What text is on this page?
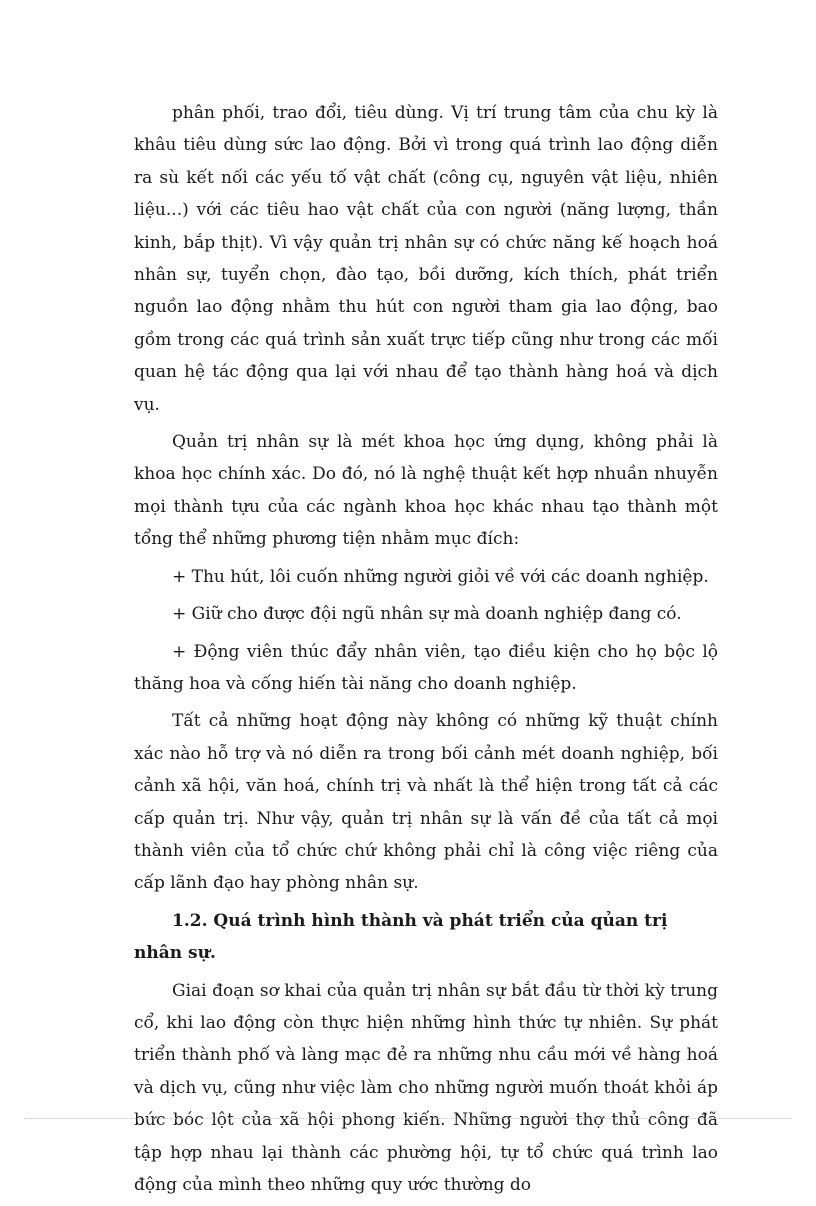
phân phối, trao đổi, tiêu dùng. Vị trí trung tâm của chu kỳ là khâu tiêu dùng sức lao động. Bởi vì trong quá trình lao động diễn ra sù kết nối các yếu tố vật chất (công cụ, nguyên vật liệu, nhiên liệu...) với các tiêu hao vật chất của con người (năng lượng, thần kinh, bắp thịt). Vì vậy quản trị nhân sự có chức năng kế hoạch hoá nhân sự, tuyển chọn, đào tạo, bồi dưỡng, kích thích, phát triển nguồn lao động nhằm thu hút con người tham gia lao động, bao gồm trong các quá trình sản xuất trực tiếp cũng như trong các mối quan hệ tác động qua lại với nhau để tạo thành hàng hoá và dịch vụ.

Quản trị nhân sự là mét khoa học ứng dụng, không phải là khoa học chính xác. Do đó, nó là nghệ thuật kết hợp nhuần nhuyễn mọi thành tựu của các ngành khoa học khác nhau tạo thành một tổng thể những phương tiện nhằm mục đích:

+ Thu hút, lôi cuốn những người giỏi về với các doanh nghiệp.

+ Giữ cho được đội ngũ nhân sự mà doanh nghiệp đang có.

+ Động viên thúc đẩy nhân viên, tạo điều kiện cho họ bộc lộ thăng hoa và cống hiến tài năng cho doanh nghiệp.

Tất cả những hoạt động này không có những kỹ thuật chính xác nào hỗ trợ và nó diễn ra trong bối cảnh mét doanh nghiệp, bối cảnh xã hội, văn hoá, chính trị và nhất là thể hiện trong tất cả các cấp quản trị. Như vậy, quản trị nhân sự là vấn đề của tất cả mọi thành viên của tổ chức chứ không phải chỉ là công việc riêng của cấp lãnh đạo hay phòng nhân sự.

1.2. Quá trình hình thành và phát triển của qủan trị nhân sự.

Giai đoạn sơ khai của quản trị nhân sự bắt đầu từ thời kỳ trung cổ, khi lao động còn thực hiện những hình thức tự nhiên. Sự phát triển thành phố và làng mạc đẻ ra những nhu cầu mới về hàng hoá và dịch vụ, cũng như việc làm cho những người muốn thoát khỏi áp bức bóc lột của xã hội phong kiến. Những người thợ thủ công đã tập hợp nhau lại thành các phường hội, tự tổ chức quá trình lao động của mình theo những quy ước thường do
